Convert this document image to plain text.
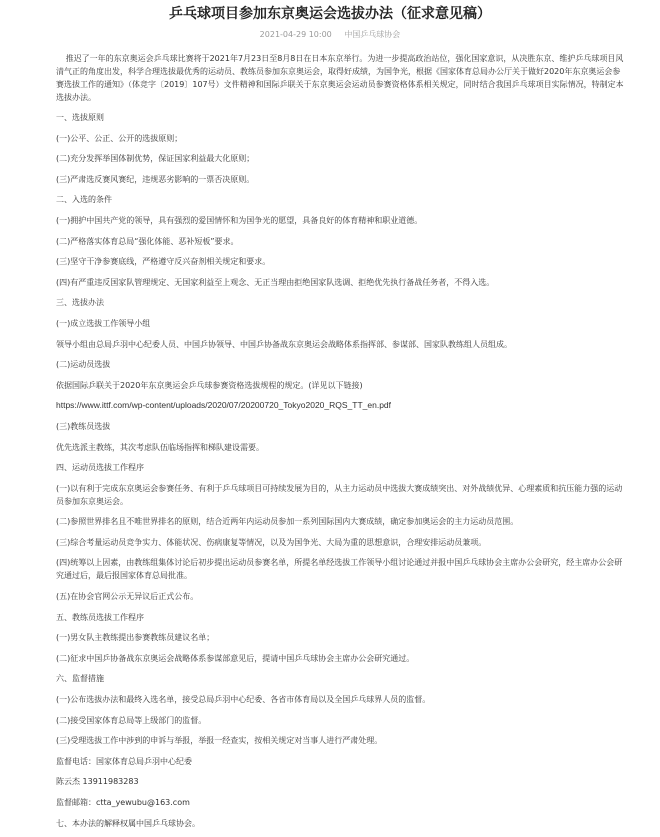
乒乓球项目参加东京奥运会选拔办法（征求意见稿）
2021-04-29 10:00 中国乒乓球协会

推迟了一年的东京奥运会乒乓球比赛将于2021年7月23日至8月8日在日本东京举行。为进一步提高政治站位，强化国家意识，从决胜东京、维护乒乓球项目风清气正的角度出发，科学合理选拔最优秀的运动员、教练员参加东京奥运会，取得好成绩，为国争光，根据《国家体育总局办公厅关于做好2020年东京奥运会参赛选拔工作的通知》（体竞字〔2019〕107号）文件精神和国际乒联关于东京奥运会运动员参赛资格体系相关规定，同时结合我国乒乓球项目实际情况，特制定本选拔办法。

一、选拔原则
(一)公平、公正、公开的选拔原则；
(二)充分发挥举国体制优势，保证国家利益最大化原则；
(三)严肃选反赛风赛纪，违规恶劣影响的一票否决原则。
二、入选的条件
(一)拥护中国共产党的领导，具有强烈的爱国情怀和为国争光的愿望，具备良好的体育精神和职业道德。
(二)严格落实体育总局“强化体能、恶补短板”要求。
(三)坚守干净参赛底线，严格遵守反兴奋剂相关规定和要求。
(四)有严重违反国家队管理规定、无国家利益至上观念、无正当理由拒绝国家队选调、拒绝优先执行备战任务者，不得入选。
三、选拔办法
(一)成立选拔工作领导小组
领导小组由总局乒羽中心纪委人员、中国乒协领导、中国乒协备战东京奥运会战略体系指挥部、参谋部、国家队教练组人员组成。
(二)运动员选拔
依据国际乒联关于2020年东京奥运会乒乓球参赛资格选拔规程的规定。(详见以下链接)
https://www.ittf.com/wp-content/uploads/2020/07/20200720_Tokyo2020_RQS_TT_en.pdf
(三)教练员选拔
优先选派主教练，其次考虑队伍临场指挥和梯队建设需要。
四、运动员选拔工作程序

(一)以有利于完成东京奥运会参赛任务、有利于乒乓球项目可持续发展为目的，从主力运动员中选拔大赛成绩突出、对外战绩优异、心理素质和抗压能力强的运动员参加东京奥运会。

(二)参照世界排名且不唯世界排名的原则，结合近两年内运动员参加一系列国际国内大赛成绩，确定参加奥运会的主力运动员范围。
(三)综合考量运动员竞争实力、体能状况、伤病康复等情况，以及为国争光、大局为重的思想意识，合理安排运动员兼项。

(四)统筹以上因素，由教练组集体讨论后初步提出运动员参赛名单，所提名单经选拔工作领导小组讨论通过并报中国乒乓球协会主席办公会研究，经主席办公会研究通过后，最后报国家体育总局批准。

(五)在协会官网公示无异议后正式公布。
五、教练员选拔工作程序
(一)男女队主教练提出参赛教练员建议名单；
(二)征求中国乒协备战东京奥运会战略体系参谋部意见后，提请中国乒乓球协会主席办公会研究通过。
六、监督措施
(一)公布选拔办法和最终入选名单，接受总局乒羽中心纪委、各省市体育局以及全国乒乓球界人员的监督。
(二)接受国家体育总局等上级部门的监督。
(三)受理选拔工作中涉到的申诉与举报，举报一经查实，按相关规定对当事人进行严肃处理。
监督电话：国家体育总局乒羽中心纪委
陈云杰 13911983283
监督邮箱：ctta_yewubu@163.com
七、本办法的解释权属中国乒乓球协会。
